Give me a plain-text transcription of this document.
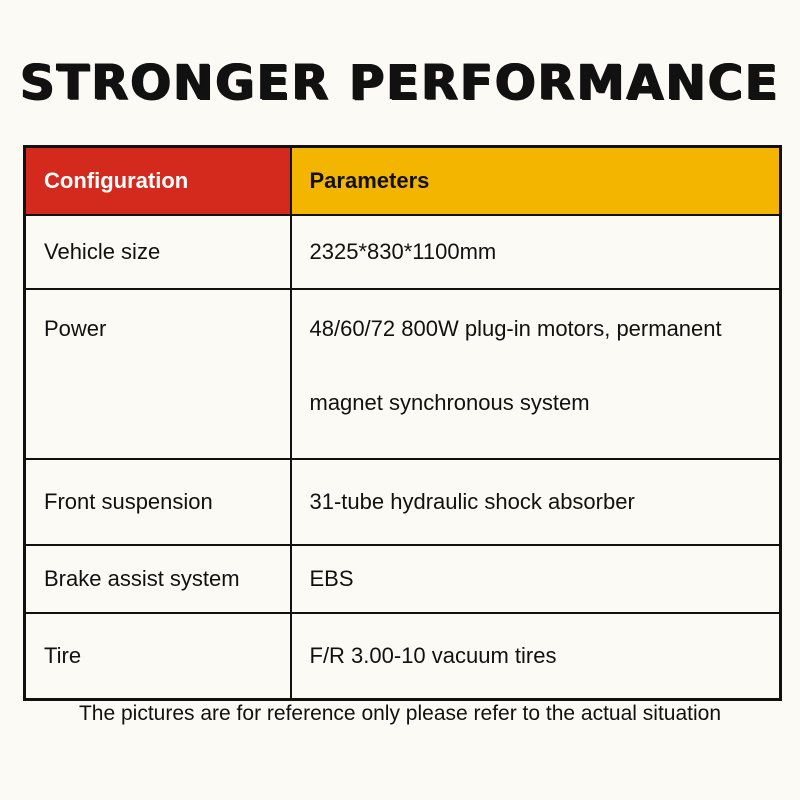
STRONGER PERFORMANCE
Configuration	Parameters
Vehicle size	2325*830*1100mm
Power	48/60/72 800W plug-in motors, permanent magnet synchronous system
Front suspension	31-tube hydraulic shock absorber
Brake assist system	EBS
Tire	F/R 3.00-10 vacuum tires
The pictures are for reference only please refer to the actual situation
